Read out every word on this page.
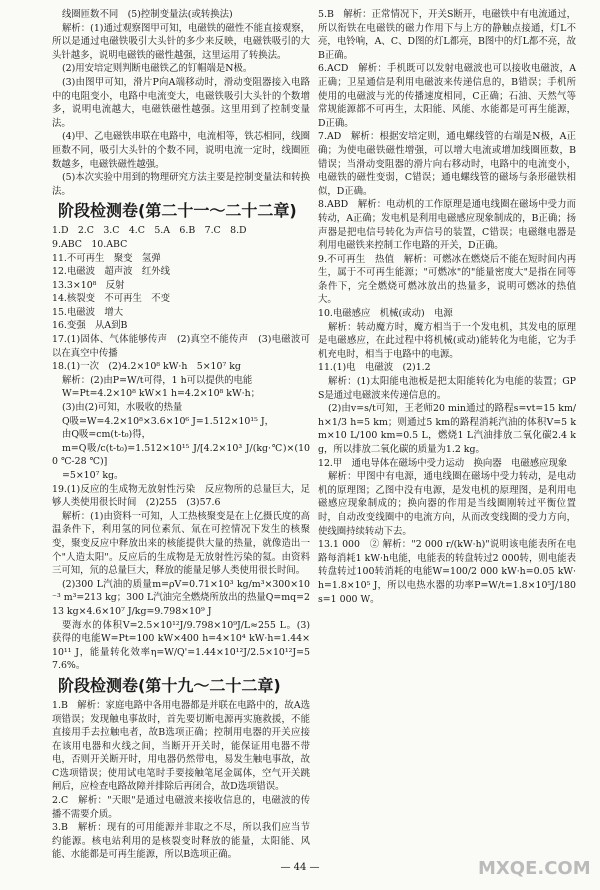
线圈匝数不同　(5)控制变量法(或转换法)
解析：(1)通过观察图甲可知，电磁铁的磁性不能直接观察，所以是通过电磁铁吸引大头针的多少来反映，电磁铁吸引的大头针越多，说明电磁铁的磁性越强，这里运用了转换法。
(2)用安培定则判断电磁铁乙的钉帽端是N极。
(3)由图甲可知，滑片P向A端移动时，滑动变阻器接入电路中的电阻变小，电路中电流变大，电磁铁吸引大头针的个数增多，说明电流越大，电磁铁磁性越强。这里用到了控制变量法。
(4)甲、乙电磁铁串联在电路中，电流相等，铁芯相同，线圈匝数不同，吸引大头针的个数不同，说明电流一定时，线圈匝数越多，电磁铁磁性越强。
(5)本次实验中用到的物理研究方法主要是控制变量法和转换法。
阶段检测卷(第二十一～二十二章)
1.D　2.C　3.C　4.C　5.A　6.B　7.C　8.D
9.ABC　10.ABC
11.不可再生　聚变　氢弹
12.电磁波　超声波　红外线
13.3×10⁸　反射
14.核裂变　不可再生　不变
15.电磁波　增大
16.变强　从A到B
17.(1)固体、气体能够传声　(2)真空不能传声　(3)电磁波可以在真空中传播
18.(1)一次　(2)4.2×10⁸ kW·h　5×10⁷ kg
解析：(2)由P=W/t可得，1 h可以提供的电能
W=Pt=4.2×10⁸ kW×1 h=4.2×10⁸ kW·h；
(3)由(2)可知，水吸收的热量
Q吸=W=4.2×10⁸×3.6×10⁶ J=1.512×10¹⁵ J，
由Q吸=cm(t-t₀)得，
m=Q吸/c(t-t₀)=1.512×10¹⁵ J/[4.2×10³ J/(kg·℃)×(100 ℃-28 ℃)]
=5×10⁷ kg。
19.(1)反应的生成物无放射性污染　反应物所的总量巨大，足够人类使用很长时间　(2)255　(3)57.6
解析：(1)由资料一可知，人工热核聚变是在上亿摄氏度的高温条件下，利用氢的同位素氘、氚在可控情况下发生的核聚变，聚变反应中释放出来的核能提供大量的热量，就像造出一个"人造太阳"。反应后的生成物是无放射性污染的氦。由资料三可知，氘的总量巨大，释放的能量足够人类使用很长时间。
(2)300 L汽油的质量m=ρV=0.71×10³ kg/m³×300×10⁻³ m³=213 kg；300 L汽油完全燃烧所放出的热量Q=mq=213 kg×4.6×10⁷ J/kg=9.798×10⁹ J
要海水的体积V=2.5×10¹²J/9.798×10⁹J/L≈255 L。(3)获得的电能W=Pt=100 kW×400 h=4×10⁴ kW·h=1.44×10¹¹ J，能量转化效率η=W/Q'=1.44×10¹²J/2.5×10¹²J=57.6%。
阶段检测卷(第十九～二十二章)
1.B　解析：家庭电路中各用电器都是并联在电路中的，故A选项错误；发现触电事故时，首先要切断电源再实施救援，不能直接用手去拉触电者，故B选项正确；控制用电器的开关应接在该用电器和火线之间，当断开开关时，能保证用电器不带电，否则开关断开时，用电器仍然带电，易发生触电事故，故C选项错误；使用试电笔时手要接触笔尾金属体，空气开关跳闸后，应检查电路故障并排除后再闭合，故D选项错误。
2.C　解析："天眼"是通过电磁波来接收信息的，电磁波的传播不需要介质。
3.B　解析：现有的可用能源并非取之不尽，所以我们应当节约能源。核电站利用的是核裂变时释放的能量，太阳能、风能、水能都是可再生能源，所以B选项正确。
5.B　解析：正常情况下，开关S断开，电磁铁中有电流通过，所以衔铁在电磁铁的磁力作用下与上方的静触点接通，灯L不亮，电铃响，A、C、D图的灯L都亮，B图中的灯L都不亮，故B正确。
6.ACD　解析：手机既可以发射电磁波也可以接收电磁波，A正确；卫星通信是利用电磁波来传递信息的，B错误；手机所使用的电磁波与光的传播速度相同，C正确；石油、天然气等常规能源都不可再生，太阳能、风能、水能都是可再生能源，D正确。
7.AD　解析：根据安培定则，通电螺线管的右端是N极，A正确；为使电磁铁磁性增强，可以增大电流或增加线圈匝数，B错误；当滑动变阻器的滑片向右移动时，电路中的电流变小，电磁铁的磁性变弱，C错误；通电螺线管的磁场与条形磁铁相似，D正确。
8.ABD　解析：电动机的工作原理是通电线圈在磁场中受力而转动，A正确；发电机是利用电磁感应现象制成的，B正确；扬声器是把电信号转化为声信号的装置，C错误；电磁继电器是利用电磁铁来控制工作电路的开关，D正确。
9.不可再生　热值　解析：可燃冰在燃烧后不能在短时间内再生，属于不可再生能源；"可燃冰"的"能量密度大"是指在同等条件下，完全燃烧可燃冰放出的热量多，说明可燃冰的热值大。
10.电磁感应　机械(或动)　电源
解析：转动魔方时，魔方相当于一个发电机，其发电的原理是电磁感应，在此过程中将机械(或动)能转化为电能，它为手机充电时，相当于电路中的电源。
11.(1)电　电磁波　(2)1.2
解析：(1)太阳能电池板是把太阳能转化为电能的装置；GPS是通过电磁波来传递信息的。
(2)由v=s/t可知，王老师20 min通过的路程s=vt=15 km/h×1/3 h=5 km；则通过5 km的路程消耗汽油的体积V=5 km×10 L/100 km=0.5 L，燃烧1 L汽油排放二氧化碳2.4 kg，所以排放二氧化碳的质量为1.2 kg。
12.甲　通电导体在磁场中受力运动　换向器　电磁感应现象
解析：甲图中有电源，通电线圈在磁场中受力转动，是电动机的原理图；乙图中没有电源，是发电机的原理图，是利用电磁感应现象制成的；换向器的作用是当线圈刚转过平衡位置时，自动改变线圈中的电流方向，从而改变线圈的受力方向，使线圈持续转动下去。
13.1 000　② 解析："2 000 r/(kW·h)"说明该电能表所在电路每消耗1 kW·h电能，电能表的转盘转过2 000转，则电能表转盘转过100转消耗的电能W=100/2 000 kW·h=0.05 kW·h=1.8×10⁵ J，所以电热水器的功率P=W/t=1.8×10⁵J/180 s=1 000 W。
— 44 —	MXQE.COM
